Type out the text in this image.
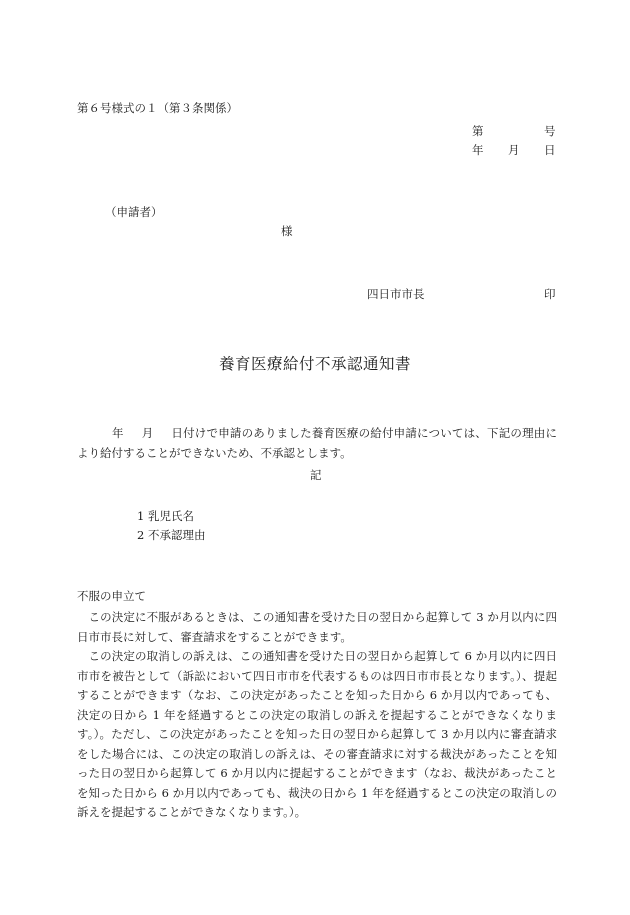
第６号様式の１（第３条関係）
第	号
年 月 日
（申請者）
様
四日市市長	印
養育医療給付不承認通知書
年 月 日付けで申請のありました養育医療の給付申請については、下記の理由により給付することができないため、不承認とします。
記
1 乳児氏名
2 不承認理由
不服の申立て
この決定に不服があるときは、この通知書を受けた日の翌日から起算して 3 か月以内に四日市市長に対して、審査請求をすることができます。
この決定の取消しの訴えは、この通知書を受けた日の翌日から起算して 6 か月以内に四日市市を被告として（訴訟において四日市市を代表するものは四日市市長となります。）、提起することができます（なお、この決定があったことを知った日から 6 か月以内であっても、決定の日から 1 年を経過するとこの決定の取消しの訴えを提起することができなくなります。）。ただし、この決定があったことを知った日の翌日から起算して 3 か月以内に審査請求をした場合には、この決定の取消しの訴えは、その審査請求に対する裁決があったことを知った日の翌日から起算して 6 か月以内に提起することができます（なお、裁決があったことを知った日から 6 か月以内であっても、裁決の日から 1 年を経過するとこの決定の取消しの訴えを提起することができなくなります。）。
